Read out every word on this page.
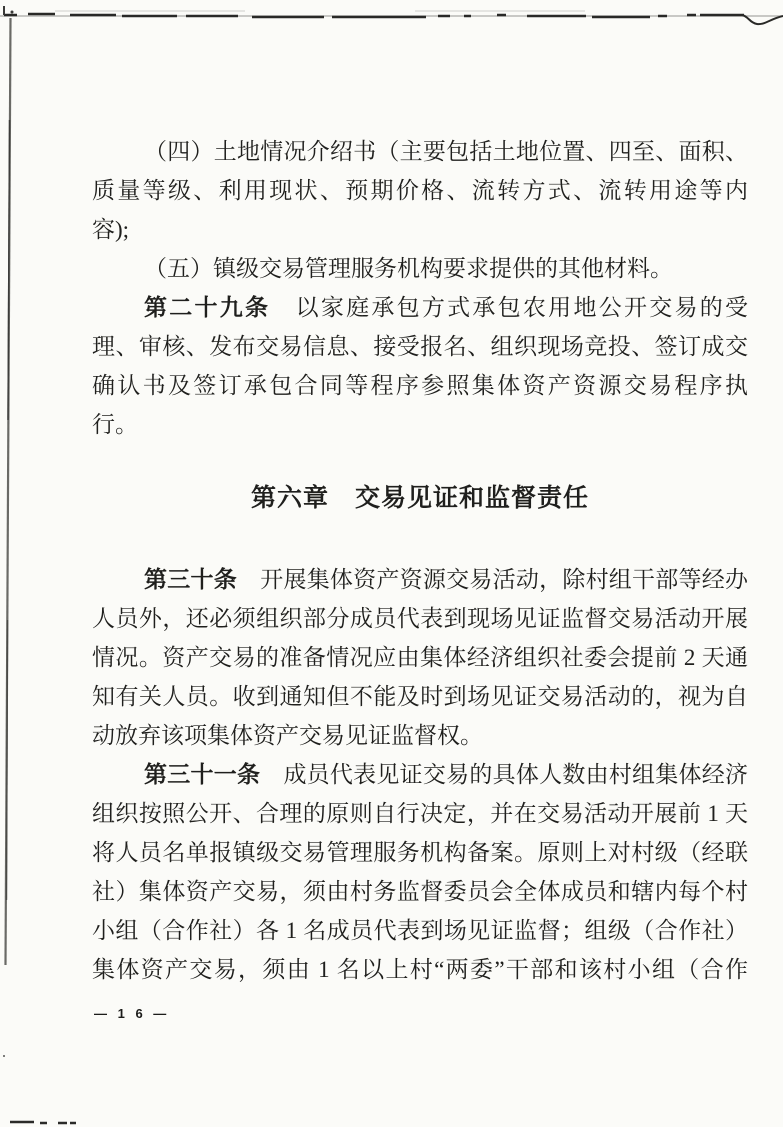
（四）土地情况介绍书（主要包括土地位置、四至、面积、
质量等级、利用现状、预期价格、流转方式、流转用途等内
容);
（五）镇级交易管理服务机构要求提供的其他材料。
第二十九条　以家庭承包方式承包农用地公开交易的受
理、审核、发布交易信息、接受报名、组织现场竞投、签订成交
确认书及签订承包合同等程序参照集体资产资源交易程序执
行。
第六章 交易见证和监督责任
第三十条　开展集体资产资源交易活动，除村组干部等经办
人员外，还必须组织部分成员代表到现场见证监督交易活动开展
情况。资产交易的准备情况应由集体经济组织社委会提前 2 天通
知有关人员。收到通知但不能及时到场见证交易活动的，视为自
动放弃该项集体资产交易见证监督权。
第三十一条　成员代表见证交易的具体人数由村组集体经济
组织按照公开、合理的原则自行决定，并在交易活动开展前 1 天
将人员名单报镇级交易管理服务机构备案。原则上对村级（经联
社）集体资产交易，须由村务监督委员会全体成员和辖内每个村
小组（合作社）各 1 名成员代表到场见证监督；组级（合作社）
集体资产交易，须由 1 名以上村“两委”干部和该村小组（合作
— 1 6 —
